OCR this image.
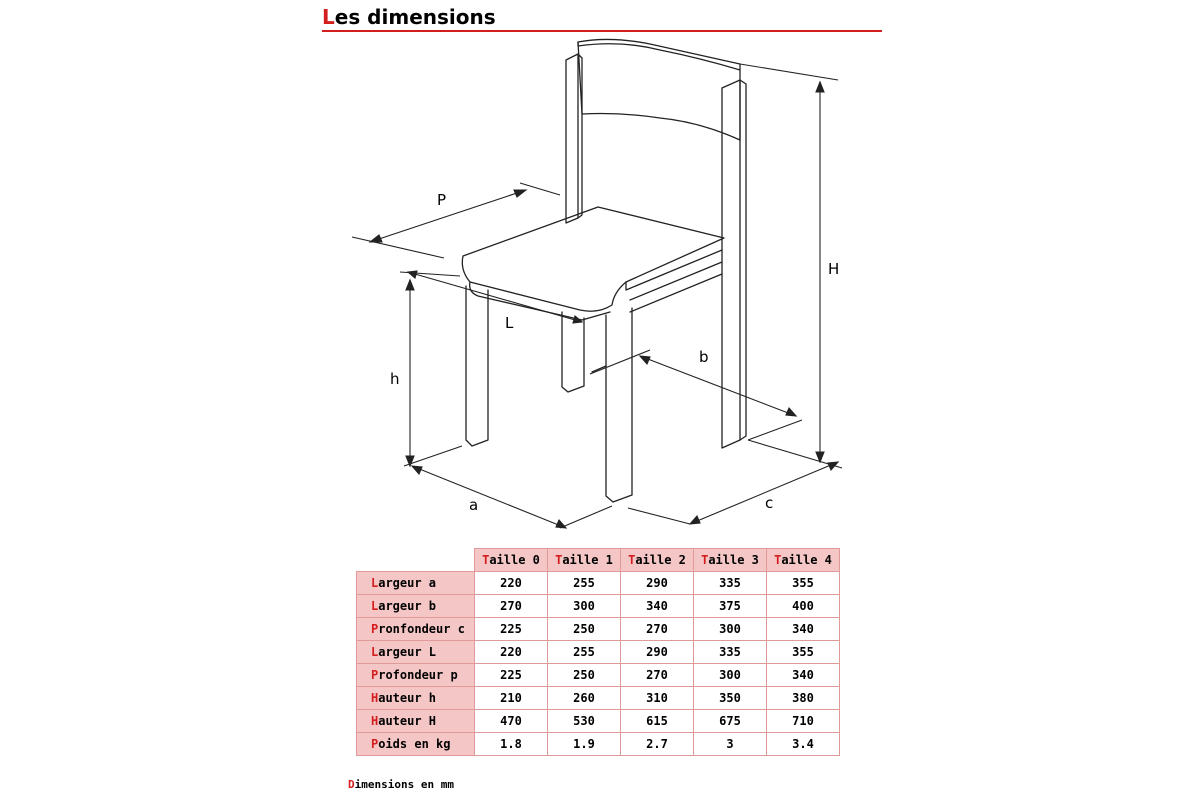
Les dimensions
P
L
H
h
b
a	c
	Taille 0	Taille 1	Taille 2	Taille 3	Taille 4
Largeur a	220	255	290	335	355
Largeur b	270	300	340	375	400
Pronfondeur c	225	250	270	300	340
Largeur L	220	255	290	335	355
Profondeur p	225	250	270	300	340
Hauteur h	210	260	310	350	380
Hauteur H	470	530	615	675	710
Poids en kg	1.8	1.9	2.7	3	3.4
Dimensions en mm
